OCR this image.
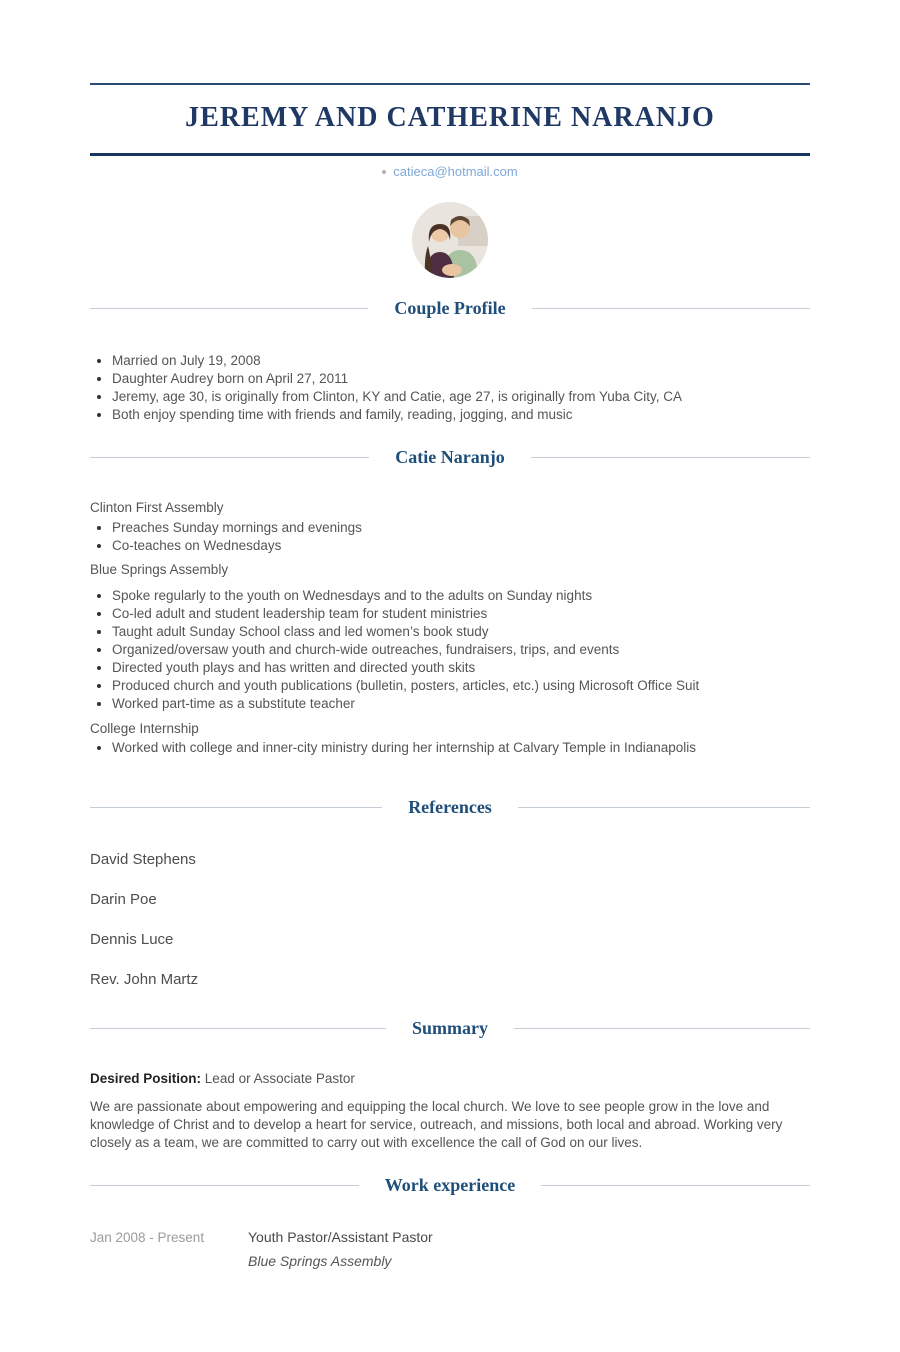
JEREMY AND CATHERINE NARANJO
catieca@hotmail.com
Couple Profile
Married on July 19, 2008
Daughter Audrey born on April 27, 2011
Jeremy, age 30, is originally from Clinton, KY and Catie, age 27, is originally from Yuba City, CA
Both enjoy spending time with friends and family, reading, jogging, and music
Catie Naranjo
Clinton First Assembly
Preaches Sunday mornings and evenings
Co-teaches on Wednesdays
Blue Springs Assembly
Spoke regularly to the youth on Wednesdays and to the adults on Sunday nights
Co-led adult and student leadership team for student ministries
Taught adult Sunday School class and led women’s book study
Organized/oversaw youth and church-wide outreaches, fundraisers, trips, and events
Directed youth plays and has written and directed youth skits
Produced church and youth publications (bulletin, posters, articles, etc.) using Microsoft Office Suit
Worked part-time as a substitute teacher
College Internship
Worked with college and inner-city ministry during her internship at Calvary Temple in Indianapolis
References
David Stephens
Darin Poe
Dennis Luce
Rev. John Martz
Summary
Desired Position: Lead or Associate Pastor

We are passionate about empowering and equipping the local church. We love to see people grow in the love and knowledge of Christ and to develop a heart for service, outreach, and missions, both local and abroad. Working very closely as a team, we are committed to carry out with excellence the call of God on our lives.

Work experience
Jan 2008 - Present	Youth Pastor/Assistant Pastor
Blue Springs Assembly
